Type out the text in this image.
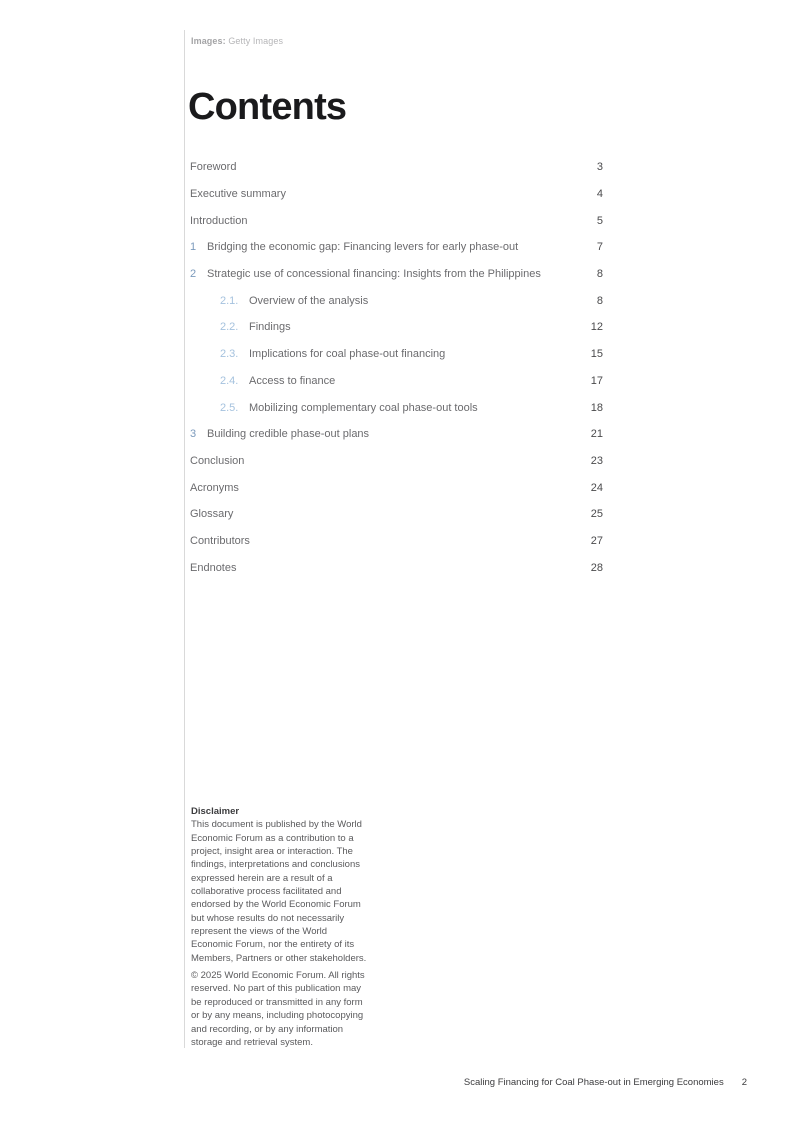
Images: Getty Images
Contents
Foreword	3
Executive summary	4
Introduction	5
1 Bridging the economic gap: Financing levers for early phase-out	7
2 Strategic use of concessional financing: Insights from the Philippines	8
2.1. Overview of the analysis	8
2.2. Findings	12
2.3. Implications for coal phase-out financing	15
2.4. Access to finance	17
2.5. Mobilizing complementary coal phase-out tools	18
3 Building credible phase-out plans	21
Conclusion	23
Acronyms	24
Glossary	25
Contributors	27
Endnotes	28
Disclaimer

This document is published by the World Economic Forum as a contribution to a project, insight area or interaction. The findings, interpretations and conclusions expressed herein are a result of a collaborative process facilitated and endorsed by the World Economic Forum but whose results do not necessarily represent the views of the World Economic Forum, nor the entirety of its Members, Partners or other stakeholders.

© 2025 World Economic Forum. All rights reserved. No part of this publication may be reproduced or transmitted in any form or by any means, including photocopying and recording, or by any information storage and retrieval system.

Scaling Financing for Coal Phase-out in Emerging Economies 2
